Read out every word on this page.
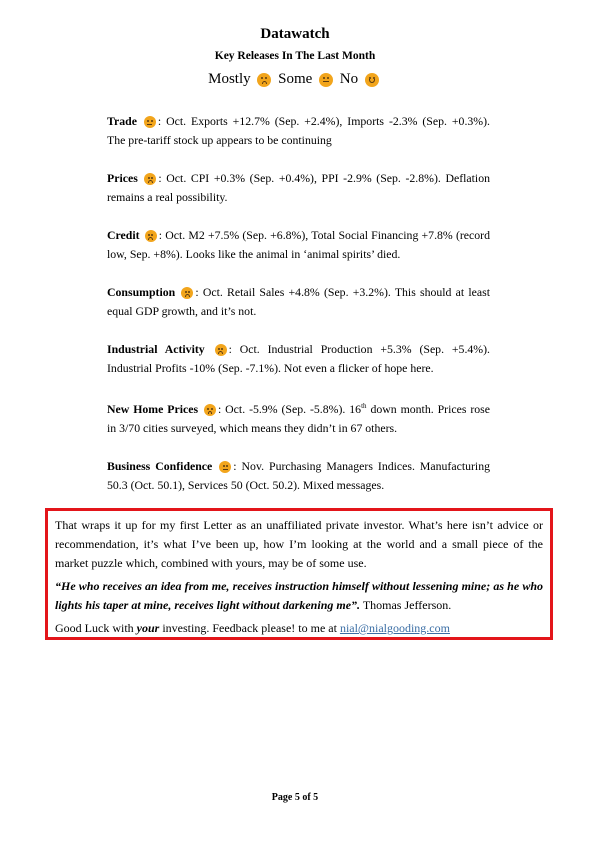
Datawatch
Key Releases In The Last Month
Mostly Some No
Trade : Oct. Exports +12.7% (Sep. +2.4%), Imports -2.3% (Sep. +0.3%). The pre-tariff stock up appears to be continuing
Prices : Oct. CPI +0.3% (Sep. +0.4%), PPI -2.9% (Sep. -2.8%). Deflation remains a real possibility.
Credit : Oct. M2 +7.5% (Sep. +6.8%), Total Social Financing +7.8% (record low, Sep. +8%). Looks like the animal in ‘animal spirits’ died.
Consumption : Oct. Retail Sales +4.8% (Sep. +3.2%). This should at least equal GDP growth, and it’s not.
Industrial Activity : Oct. Industrial Production +5.3% (Sep. +5.4%). Industrial Profits -10% (Sep. -7.1%). Not even a flicker of hope here.
New Home Prices : Oct. -5.9% (Sep. -5.8%). 16th down month. Prices rose in 3/70 cities surveyed, which means they didn’t in 67 others.
Business Confidence : Nov. Purchasing Managers Indices. Manufacturing 50.3 (Oct. 50.1), Services 50 (Oct. 50.2). Mixed messages.

That wraps it up for my first Letter as an unaffiliated private investor. What’s here isn’t advice or recommendation, it’s what I’ve been up, how I’m looking at the world and a small piece of the market puzzle which, combined with yours, may be of some use.

“He who receives an idea from me, receives instruction himself without lessening mine; as he who lights his taper at mine, receives light without darkening me”. Thomas Jefferson.

Good Luck with your investing. Feedback please! to me at nial@nialgooding.com

Page 5 of 5
